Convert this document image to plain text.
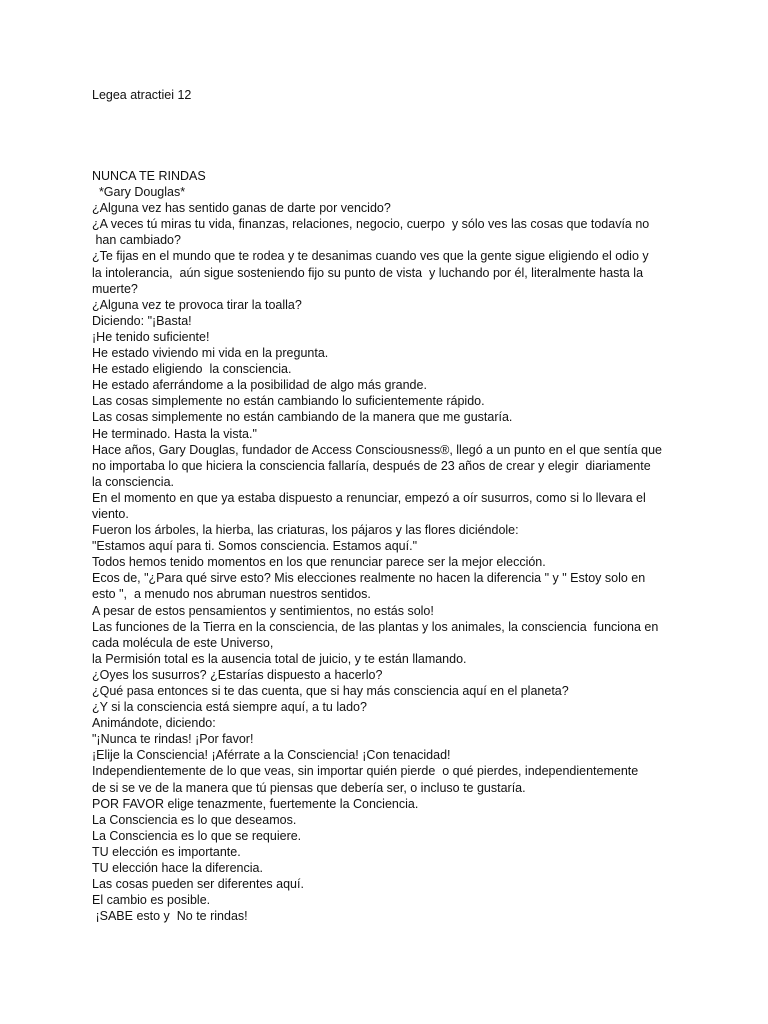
Legea atractiei 12
NUNCA TE RINDAS
*Gary Douglas*
¿Alguna vez has sentido ganas de darte por vencido?
¿A veces tú miras tu vida, finanzas, relaciones, negocio, cuerpo  y sólo ves las cosas que todavía no
han cambiado?
¿Te fijas en el mundo que te rodea y te desanimas cuando ves que la gente sigue eligiendo el odio y
la intolerancia,  aún sigue sosteniendo fijo su punto de vista  y luchando por él, literalmente hasta la
muerte?
¿Alguna vez te provoca tirar la toalla?
Diciendo: "¡Basta!
¡He tenido suficiente!
He estado viviendo mi vida en la pregunta.
He estado eligiendo  la consciencia.
He estado aferrándome a la posibilidad de algo más grande.
Las cosas simplemente no están cambiando lo suficientemente rápido.
Las cosas simplemente no están cambiando de la manera que me gustaría.
He terminado. Hasta la vista."
Hace años, Gary Douglas, fundador de Access Consciousness®, llegó a un punto en el que sentía que
no importaba lo que hiciera la consciencia fallaría, después de 23 años de crear y elegir  diariamente
la consciencia.
En el momento en que ya estaba dispuesto a renunciar, empezó a oír susurros, como si lo llevara el
viento.
Fueron los árboles, la hierba, las criaturas, los pájaros y las flores diciéndole:
"Estamos aquí para ti. Somos consciencia. Estamos aquí."
Todos hemos tenido momentos en los que renunciar parece ser la mejor elección.
Ecos de, "¿Para qué sirve esto? Mis elecciones realmente no hacen la diferencia " y " Estoy solo en
esto ",  a menudo nos abruman nuestros sentidos.
A pesar de estos pensamientos y sentimientos, no estás solo!
Las funciones de la Tierra en la consciencia, de las plantas y los animales, la consciencia  funciona en
cada molécula de este Universo,
la Permisión total es la ausencia total de juicio, y te están llamando.
¿Oyes los susurros? ¿Estarías dispuesto a hacerlo?
¿Qué pasa entonces si te das cuenta, que si hay más consciencia aquí en el planeta?
¿Y si la consciencia está siempre aquí, a tu lado?
Animándote, diciendo:
"¡Nunca te rindas! ¡Por favor!
¡Elije la Consciencia! ¡Aférrate a la Consciencia! ¡Con tenacidad!
Independientemente de lo que veas, sin importar quién pierde  o qué pierdes, independientemente
de si se ve de la manera que tú piensas que debería ser, o incluso te gustaría.
POR FAVOR elige tenazmente, fuertemente la Conciencia.
La Consciencia es lo que deseamos.
La Consciencia es lo que se requiere.
TU elección es importante.
TU elección hace la diferencia.
Las cosas pueden ser diferentes aquí.
El cambio es posible.
¡SABE esto y  No te rindas!
